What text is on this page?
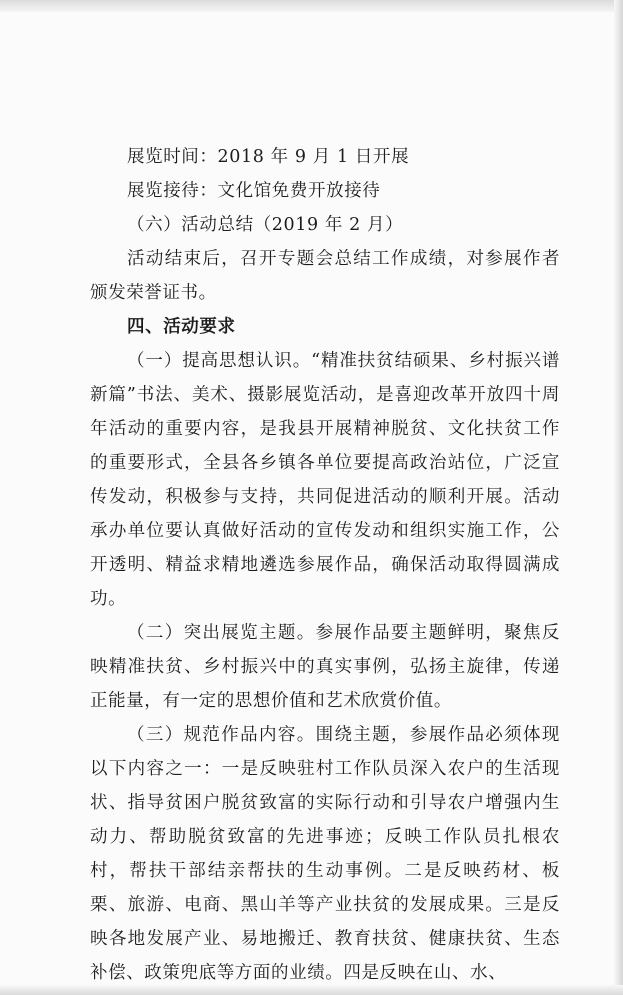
展览时间：2018 年 9 月 1 日开展

展览接待：文化馆免费开放接待

（六）活动总结（2019 年 2 月）

活动结束后，召开专题会总结工作成绩，对参展作者颁发荣誉证书。

四、活动要求

（一）提高思想认识。“精准扶贫结硕果、乡村振兴谱新篇”书法、美术、摄影展览活动，是喜迎改革开放四十周年活动的重要内容，是我县开展精神脱贫、文化扶贫工作的重要形式，全县各乡镇各单位要提高政治站位，广泛宣传发动，积极参与支持，共同促进活动的顺利开展。活动承办单位要认真做好活动的宣传发动和组织实施工作，公开透明、精益求精地遴选参展作品，确保活动取得圆满成功。

（二）突出展览主题。参展作品要主题鲜明，聚焦反映精准扶贫、乡村振兴中的真实事例，弘扬主旋律，传递正能量，有一定的思想价值和艺术欣赏价值。

（三）规范作品内容。围绕主题，参展作品必须体现以下内容之一：一是反映驻村工作队员深入农户的生活现状、指导贫困户脱贫致富的实际行动和引导农户增强内生动力、帮助脱贫致富的先进事迹；反映工作队员扎根农村，帮扶干部结亲帮扶的生动事例。二是反映药材、板栗、旅游、电商、黑山羊等产业扶贫的发展成果。三是反映各地发展产业、易地搬迁、教育扶贫、健康扶贫、生态补偿、政策兜底等方面的业绩。四是反映在山、水、
